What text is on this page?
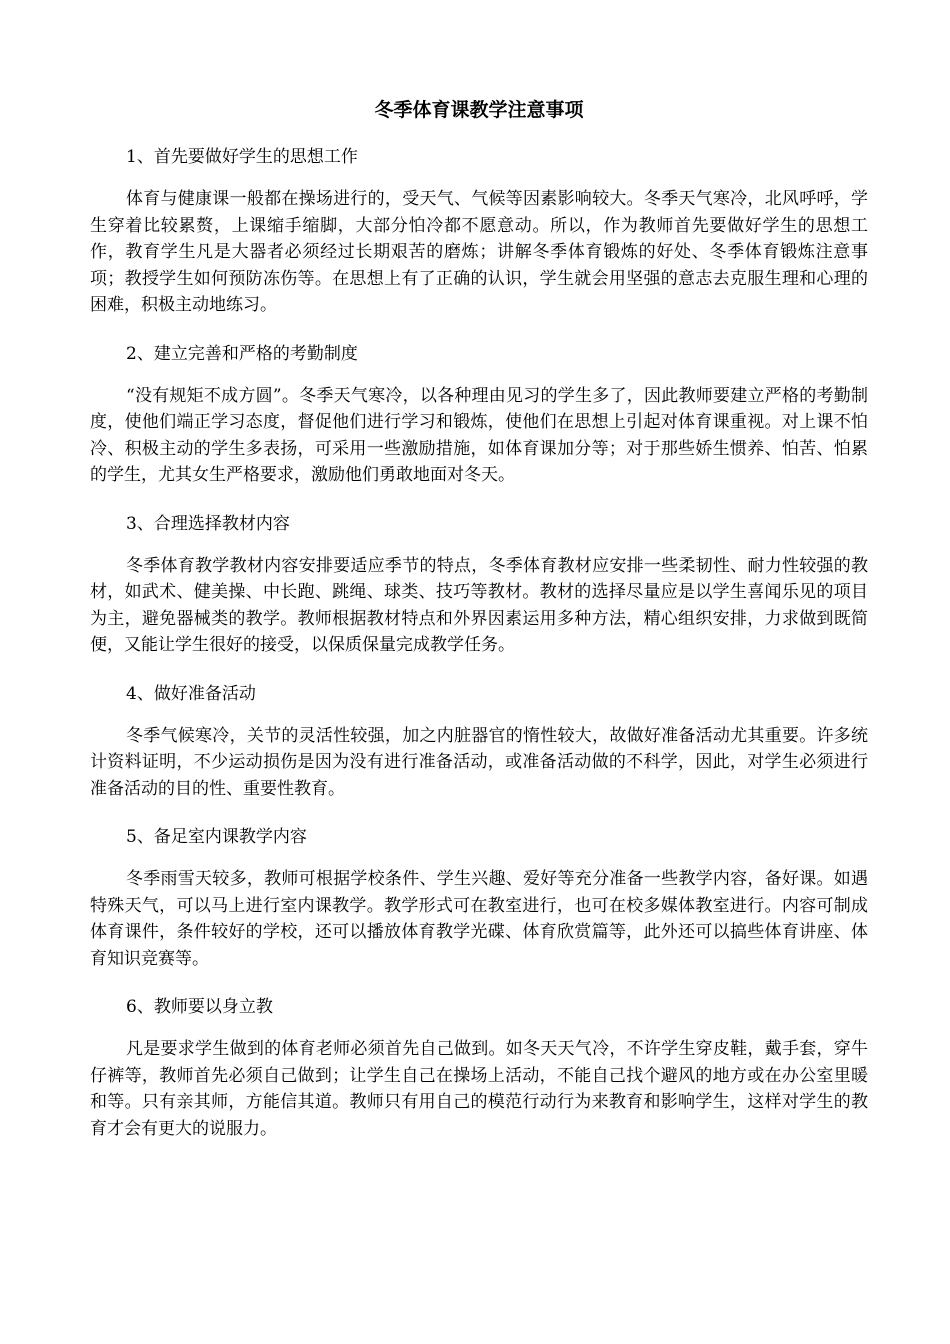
冬季体育课教学注意事项

1、首先要做好学生的思想工作

体育与健康课一般都在操场进行的，受天气、气候等因素影响较大。冬季天气寒冷，北风呼呼，学生穿着比较累赘，上课缩手缩脚，大部分怕冷都不愿意动。所以，作为教师首先要做好学生的思想工作，教育学生凡是大器者必须经过长期艰苦的磨炼；讲解冬季体育锻炼的好处、冬季体育锻炼注意事项；教授学生如何预防冻伤等。在思想上有了正确的认识，学生就会用坚强的意志去克服生理和心理的困难，积极主动地练习。

2、建立完善和严格的考勤制度

“没有规矩不成方圆”。冬季天气寒冷，以各种理由见习的学生多了，因此教师要建立严格的考勤制度，使他们端正学习态度，督促他们进行学习和锻炼，使他们在思想上引起对体育课重视。对上课不怕冷、积极主动的学生多表扬，可采用一些激励措施，如体育课加分等；对于那些娇生惯养、怕苦、怕累的学生，尤其女生严格要求，激励他们勇敢地面对冬天。

3、合理选择教材内容

冬季体育教学教材内容安排要适应季节的特点，冬季体育教材应安排一些柔韧性、耐力性较强的教材，如武术、健美操、中长跑、跳绳、球类、技巧等教材。教材的选择尽量应是以学生喜闻乐见的项目为主，避免器械类的教学。教师根据教材特点和外界因素运用多种方法，精心组织安排，力求做到既简便，又能让学生很好的接受，以保质保量完成教学任务。

4、做好准备活动

冬季气候寒冷，关节的灵活性较强，加之内脏器官的惰性较大，故做好准备活动尤其重要。许多统计资料证明，不少运动损伤是因为没有进行准备活动，或准备活动做的不科学，因此，对学生必须进行准备活动的目的性、重要性教育。

5、备足室内课教学内容

冬季雨雪天较多，教师可根据学校条件、学生兴趣、爱好等充分准备一些教学内容，备好课。如遇特殊天气，可以马上进行室内课教学。教学形式可在教室进行，也可在校多媒体教室进行。内容可制成体育课件，条件较好的学校，还可以播放体育教学光碟、体育欣赏篇等，此外还可以搞些体育讲座、体育知识竞赛等。

6、教师要以身立教

凡是要求学生做到的体育老师必须首先自己做到。如冬天天气冷，不许学生穿皮鞋，戴手套，穿牛仔裤等，教师首先必须自己做到；让学生自己在操场上活动，不能自己找个避风的地方或在办公室里暖和等。只有亲其师，方能信其道。教师只有用自己的模范行动行为来教育和影响学生，这样对学生的教育才会有更大的说服力。
